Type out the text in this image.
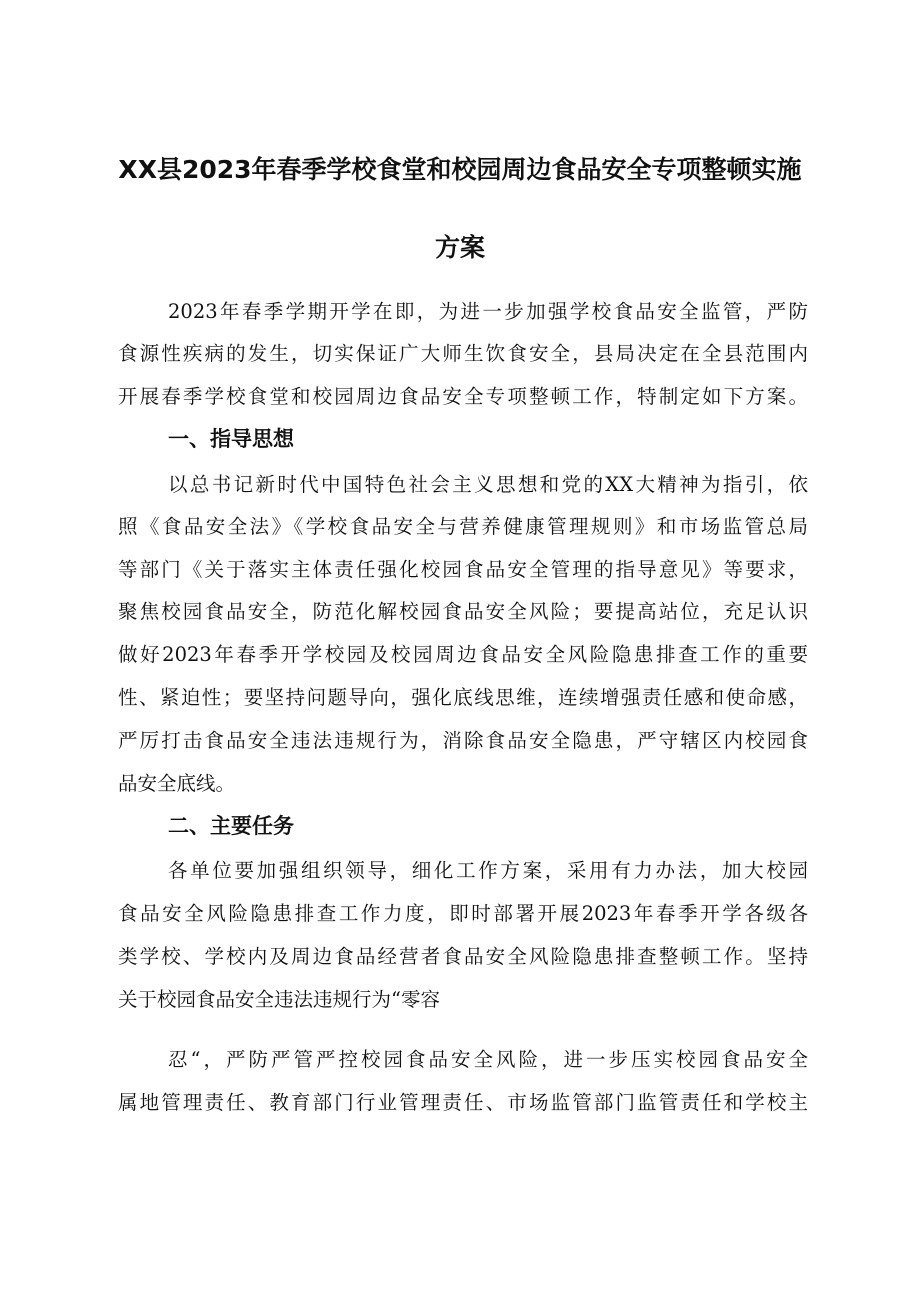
XX县2023年春季学校食堂和校园周边食品安全专项整顿实施
方案

2023年春季学期开学在即，为进一步加强学校食品安全监管，严防

食源性疾病的发生，切实保证广大师生饮食安全，县局决定在全县范围内

开展春季学校食堂和校园周边食品安全专项整顿工作，特制定如下方案。

一、指导思想

以总书记新时代中国特色社会主义思想和党的XX大精神为指引，依

照《食品安全法》《学校食品安全与营养健康管理规则》和市场监管总局

等部门《关于落实主体责任强化校园食品安全管理的指导意见》等要求，

聚焦校园食品安全，防范化解校园食品安全风险；要提高站位，充足认识

做好2023年春季开学校园及校园周边食品安全风险隐患排查工作的重要

性、紧迫性；要坚持问题导向，强化底线思维，连续增强责任感和使命感，

严厉打击食品安全违法违规行为，消除食品安全隐患，严守辖区内校园食

品安全底线。

二、主要任务

各单位要加强组织领导，细化工作方案，采用有力办法，加大校园

食品安全风险隐患排查工作力度，即时部署开展2023年春季开学各级各

类学校、学校内及周边食品经营者食品安全风险隐患排查整顿工作。坚持

关于校园食品安全违法违规行为“零容

忍“，严防严管严控校园食品安全风险，进一步压实校园食品安全

属地管理责任、教育部门行业管理责任、市场监管部门监管责任和学校主
